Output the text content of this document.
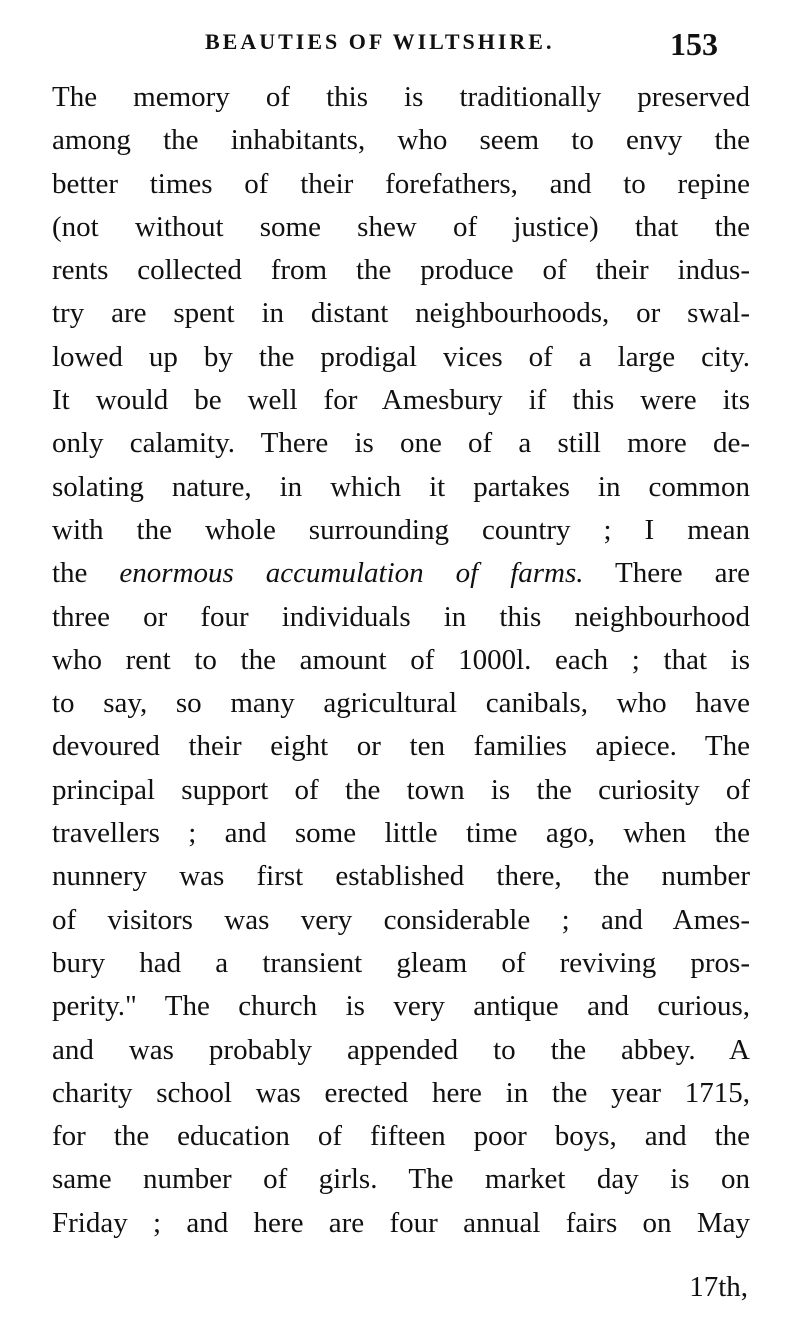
BEAUTIES OF WILTSHIRE.	153
The memory of this is traditionally preserved
among the inhabitants, who seem to envy the
better times of their forefathers, and to repine
(not without some shew of justice) that the
rents collected from the produce of their indus-
try are spent in distant neighbourhoods, or swal-
lowed up by the prodigal vices of a large city.
It would be well for Amesbury if this were its
only calamity. There is one of a still more de-
solating nature, in which it partakes in common
with the whole surrounding country ; I mean
the enormous accumulation of farms. There are
three or four individuals in this neighbourhood
who rent to the amount of 1000l. each ; that is
to say, so many agricultural canibals, who have
devoured their eight or ten families apiece. The
principal support of the town is the curiosity of
travellers ; and some little time ago, when the
nunnery was first established there, the number
of visitors was very considerable ; and Ames-
bury had a transient gleam of reviving pros-
perity." The church is very antique and curious,
and was probably appended to the abbey. A
charity school was erected here in the year 1715,
for the education of fifteen poor boys, and the
same number of girls. The market day is on
Friday ; and here are four annual fairs on May
17th,
